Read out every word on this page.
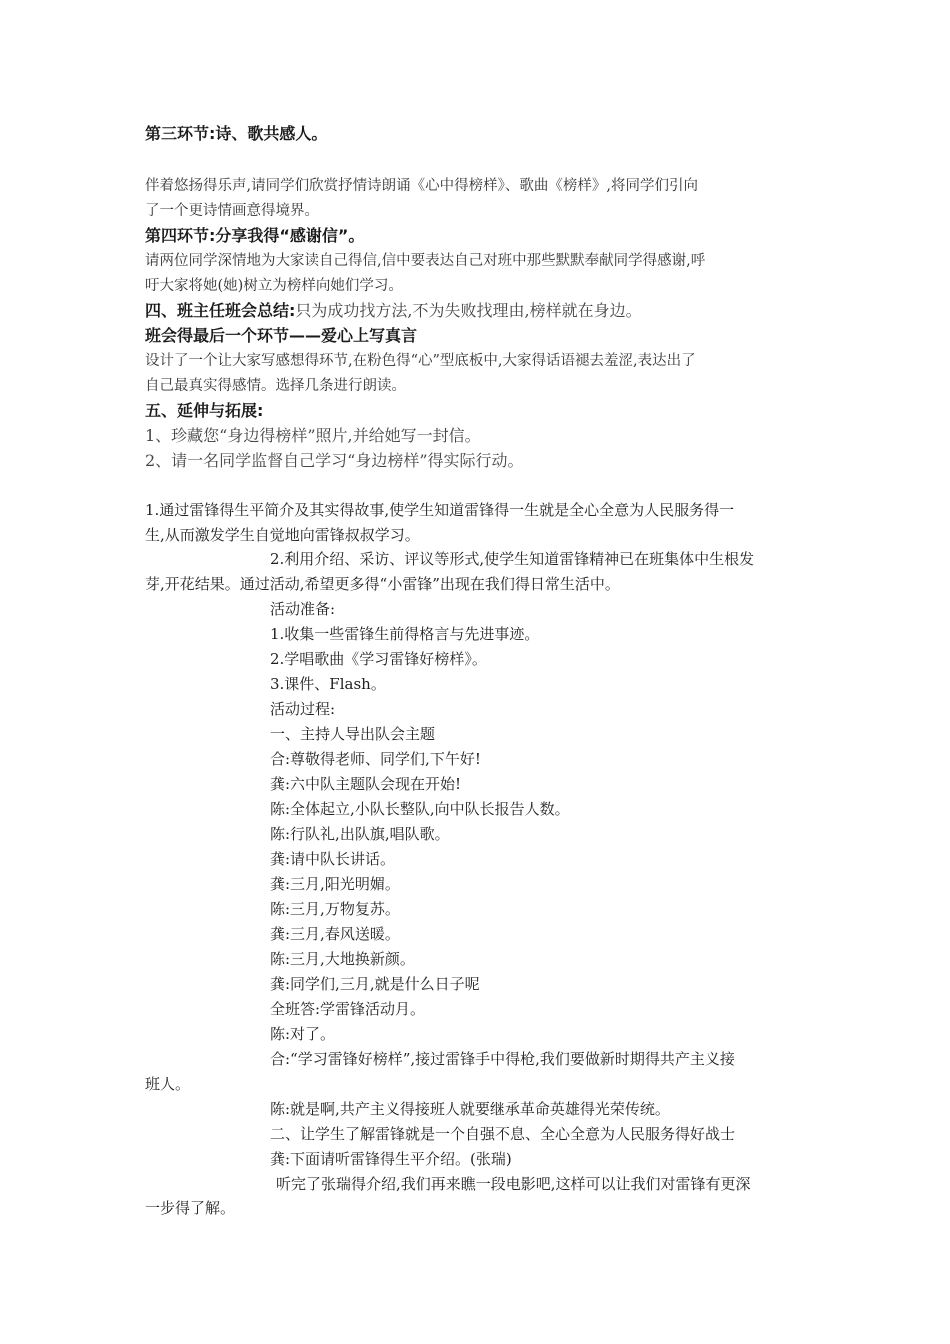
第三环节:诗、歌共感人。
伴着悠扬得乐声,请同学们欣赏抒情诗朗诵《心中得榜样》、歌曲《榜样》,将同学们引向
了一个更诗情画意得境界。
第四环节:分享我得“感谢信”。
请两位同学深情地为大家读自己得信,信中要表达自己对班中那些默默奉献同学得感谢,呼
吁大家将她(她)树立为榜样向她们学习。
四、班主任班会总结:只为成功找方法,不为失败找理由,榜样就在身边。
班会得最后一个环节——爱心上写真言
设计了一个让大家写感想得环节,在粉色得“心”型底板中,大家得话语褪去羞涩,表达出了
自己最真实得感情。选择几条进行朗读。
五、延伸与拓展:
1、珍藏您“身边得榜样”照片,并给她写一封信。
2、请一名同学监督自己学习“身边榜样”得实际行动。
1.通过雷锋得生平简介及其实得故事,使学生知道雷锋得一生就是全心全意为人民服务得一
生,从而激发学生自觉地向雷锋叔叔学习。
2.利用介绍、采访、评议等形式,使学生知道雷锋精神已在班集体中生根发
芽,开花结果。通过活动,希望更多得“小雷锋”出现在我们得日常生活中。
活动准备:
1.收集一些雷锋生前得格言与先进事迹。
2.学唱歌曲《学习雷锋好榜样》。
3.课件、Flash。
活动过程:
一、主持人导出队会主题
合:尊敬得老师、同学们,下午好!
龚:六中队主题队会现在开始!
陈:全体起立,小队长整队,向中队长报告人数。
陈:行队礼,出队旗,唱队歌。
龚:请中队长讲话。
龚:三月,阳光明媚。
陈:三月,万物复苏。
龚:三月,春风送暖。
陈:三月,大地换新颜。
龚:同学们,三月,就是什么日子呢
全班答:学雷锋活动月。
陈:对了。
合:“学习雷锋好榜样”,接过雷锋手中得枪,我们要做新时期得共产主义接
班人。
陈:就是啊,共产主义得接班人就要继承革命英雄得光荣传统。
二、让学生了解雷锋就是一个自强不息、全心全意为人民服务得好战士
龚:下面请听雷锋得生平介绍。(张瑞)
听完了张瑞得介绍,我们再来瞧一段电影吧,这样可以让我们对雷锋有更深
一步得了解。
